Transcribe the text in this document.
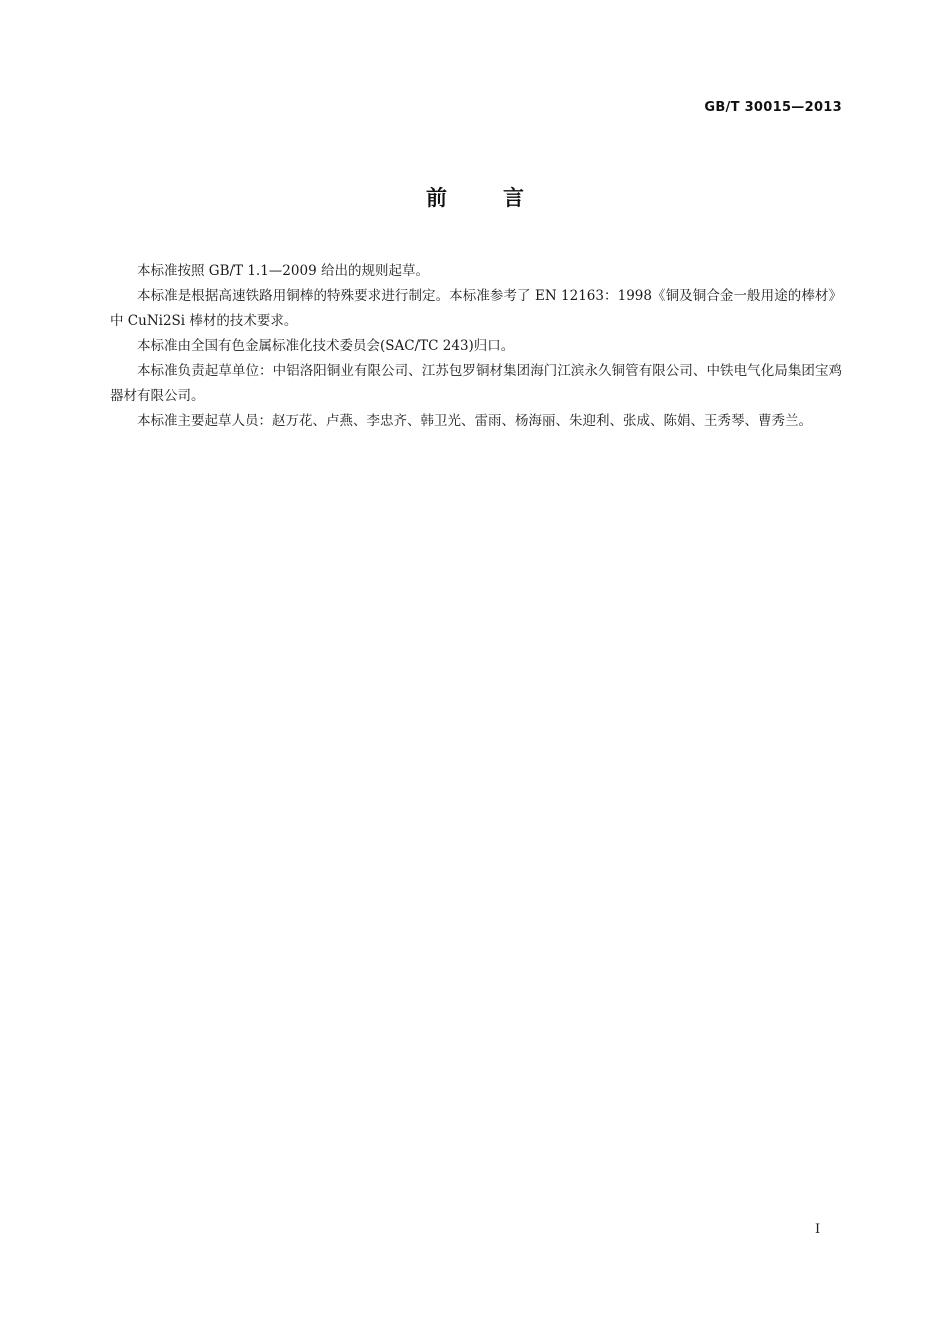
GB/T 30015—2013
前言

本标准按照 GB/T 1.1—2009 给出的规则起草。

本标准是根据高速铁路用铜棒的特殊要求进行制定。本标准参考了 EN 12163：1998《铜及铜合金一般用途的棒材》中 CuNi2Si 棒材的技术要求。

本标准由全国有色金属标准化技术委员会(SAC/TC 243)归口。

本标准负责起草单位：中铝洛阳铜业有限公司、江苏包罗铜材集团海门江滨永久铜管有限公司、中铁电气化局集团宝鸡器材有限公司。

本标准主要起草人员：赵万花、卢燕、李忠齐、韩卫光、雷雨、杨海丽、朱迎利、张成、陈娟、王秀琴、曹秀兰。

I
